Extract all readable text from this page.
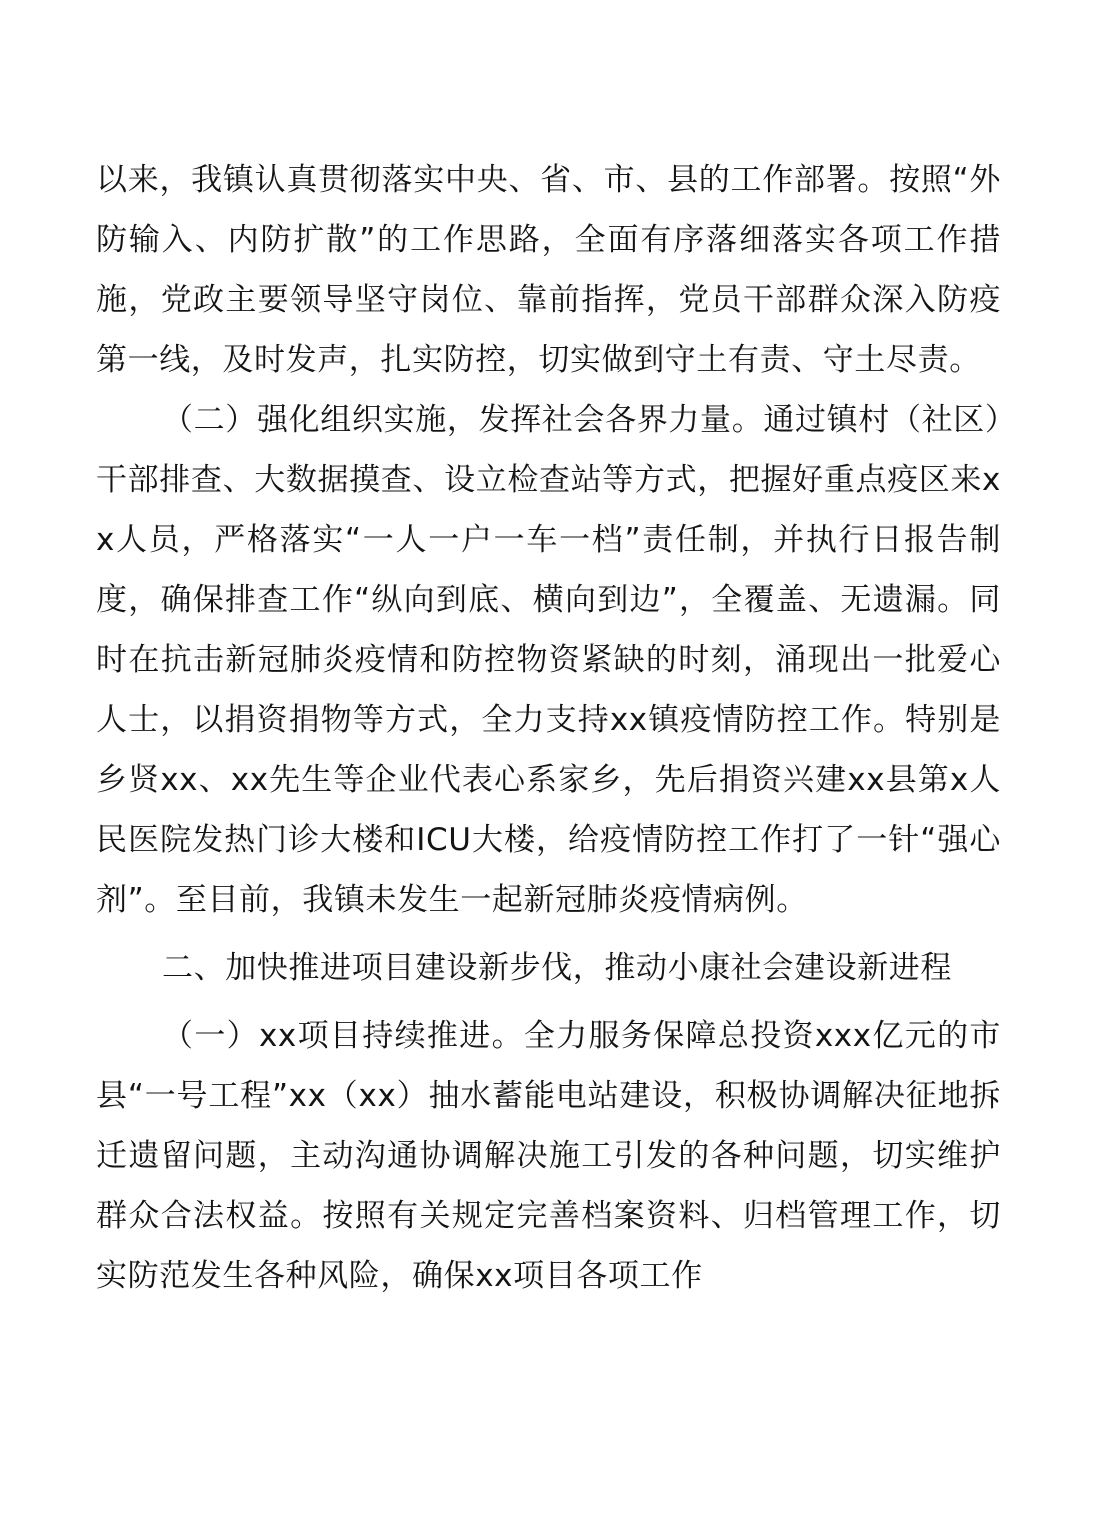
以来，我镇认真贯彻落实中央、省、市、县的工作部署。按照“外防输入、内防扩散”的工作思路，全面有序落细落实各项工作措施，党政主要领导坚守岗位、靠前指挥，党员干部群众深入防疫第一线，及时发声，扎实防控，切实做到守土有责、守土尽责。

（二）强化组织实施，发挥社会各界力量。通过镇村（社区）干部排查、大数据摸查、设立检查站等方式，把握好重点疫区来xx人员，严格落实“一人一户一车一档”责任制，并执行日报告制度，确保排查工作“纵向到底、横向到边”，全覆盖、无遗漏。同时在抗击新冠肺炎疫情和防控物资紧缺的时刻，涌现出一批爱心人士，以捐资捐物等方式，全力支持xx镇疫情防控工作。特别是乡贤xx、xx先生等企业代表心系家乡，先后捐资兴建xx县第x人民医院发热门诊大楼和ICU大楼，给疫情防控工作打了一针“强心剂”。至目前，我镇未发生一起新冠肺炎疫情病例。

二、加快推进项目建设新步伐，推动小康社会建设新进程

（一）xx项目持续推进。全力服务保障总投资xxx亿元的市县“一号工程”xx（xx）抽水蓄能电站建设，积极协调解决征地拆迁遗留问题，主动沟通协调解决施工引发的各种问题，切实维护群众合法权益。按照有关规定完善档案资料、归档管理工作，切实防范发生各种风险，确保xx项目各项工作
